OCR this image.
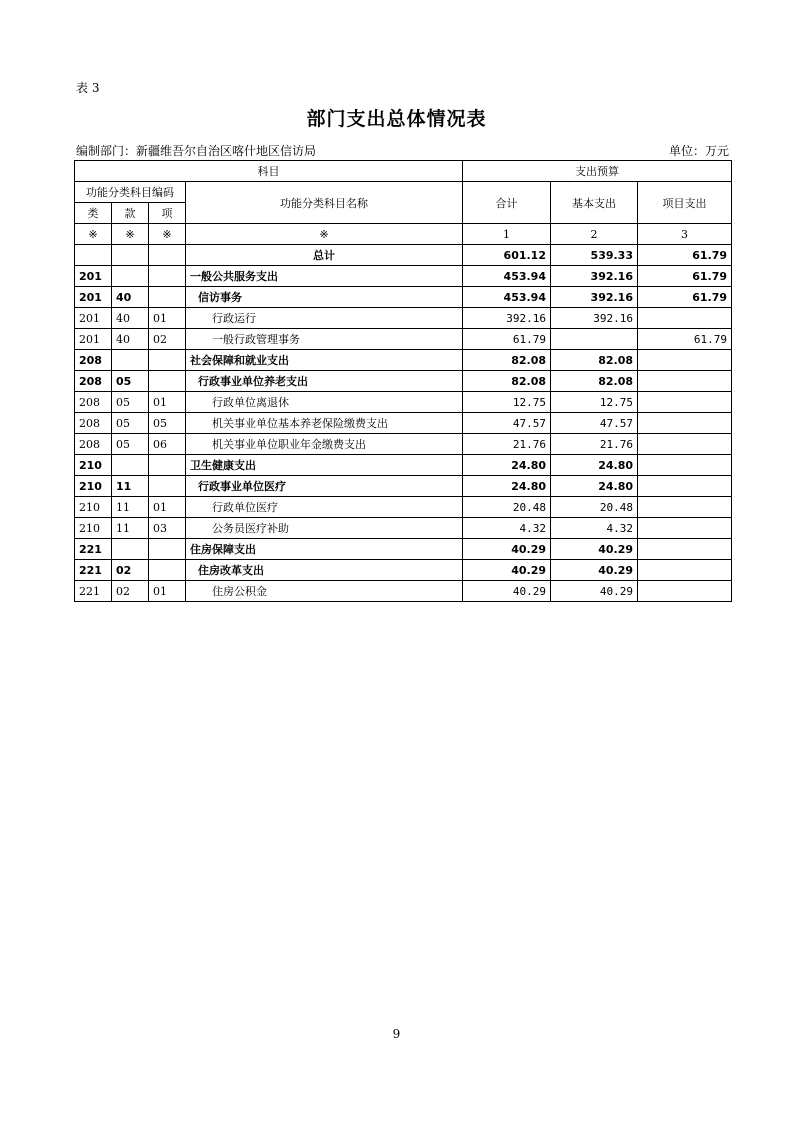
表 3
部门支出总体情况表
编制部门：新疆维吾尔自治区喀什地区信访局	单位：万元
科目				支出预算		
功能分类科目编码			功能分类科目名称	合计	基本支出	项目支出
类	款	项				
※	※	※	※	1	2	3
			总计	601.12	539.33	61.79
201			一般公共服务支出	453.94	392.16	61.79
201	40		信访事务	453.94	392.16	61.79
201	40	01	行政运行	392.16	392.16	
201	40	02	一般行政管理事务	61.79		61.79
208			社会保障和就业支出	82.08	82.08	
208	05		行政事业单位养老支出	82.08	82.08	
208	05	01	行政单位离退休	12.75	12.75	
208	05	05	机关事业单位基本养老保险缴费支出	47.57	47.57	
208	05	06	机关事业单位职业年金缴费支出	21.76	21.76	
210			卫生健康支出	24.80	24.80	
210	11		行政事业单位医疗	24.80	24.80	
210	11	01	行政单位医疗	20.48	20.48	
210	11	03	公务员医疗补助	4.32	4.32	
221			住房保障支出	40.29	40.29	
221	02		住房改革支出	40.29	40.29	
221	02	01	住房公积金	40.29	40.29	
9
